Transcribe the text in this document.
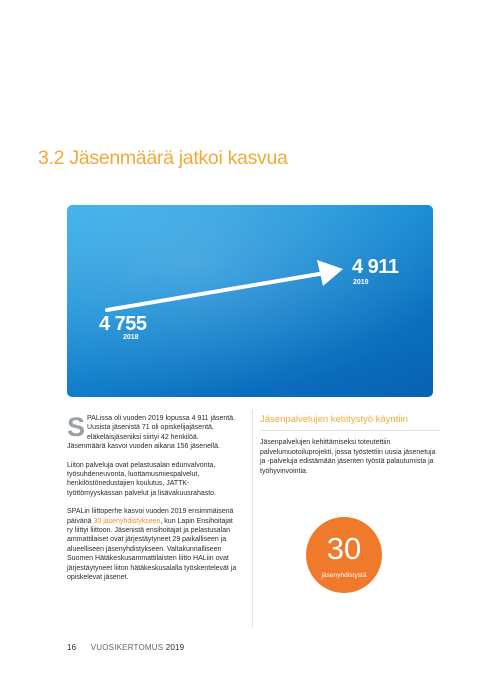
3.2 Jäsenmäärä jatkoi kasvua
4 755
2018
4 911
2019

S PALissa oli vuoden 2019 lopussa 4 911 jäsentä. Uusista jäsenistä 71 oli opiskelijajäsentä, eläkeläisjäseniksi siirtyi 42 henkilöä. Jäsenmäärä kasvoi vuoden aikana 156 jäsenellä.

Liiton palveluja ovat pelastusalan edunvalvonta, työsuhdeneuvonta, luottamusmiespalvelut, henkilöstönedustajien koulutus, JATTK-työttömyyskassan palvelut ja lisävakuusrahasto.

SPALin liittoperhe kasvoi vuoden 2019 ensimmäisenä päivänä 30 jäsenyhdistykseen, kun Lapin Ensihoitajat ry liittyi liittoon. Jäsenistä ensihoitajat ja pelastusalan ammattilaiset ovat järjestäytyneet 29 paikalliseen ja alueelliseen jäsenyhdistykseen. Valtakunnalliseen Suomen Hätäkeskusammattilaisten liitto HALiin ovat järjestäytyneet liiton hätäkeskusalalla työskentelevät ja opiskelevat jäsenet.

Jäsenpalvelujen kehitystyö käyntiin

Jäsenpalvelujen kehittämiseksi toteutettiin palvelumuotoiluprojekti, jossa työstettiin uusia jäsenetuja ja -palveluja edistämään jäsenten työstä palautumista ja työhyvinvointia.

30
jäsenyhdistystä
16 VUOSIKERTOMUS 2019
